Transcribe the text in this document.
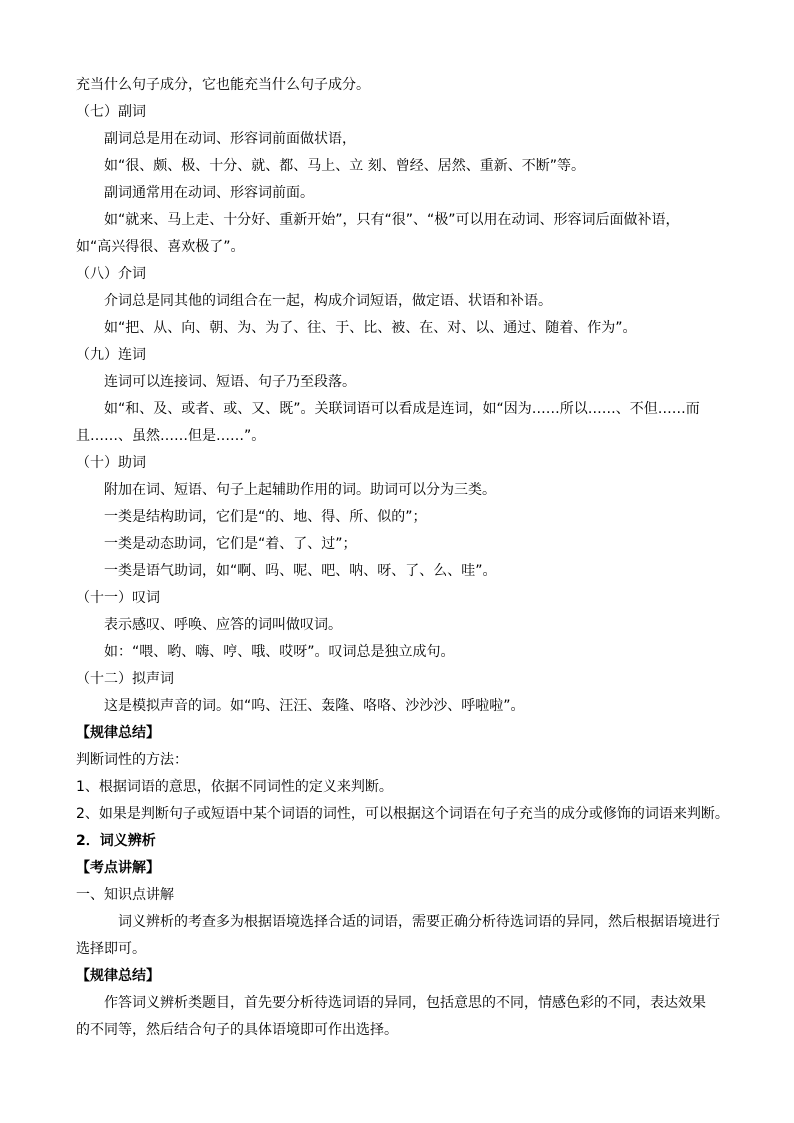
充当什么句子成分，它也能充当什么句子成分。
（七）副词
副词总是用在动词、形容词前面做状语，
如“很、颇、极、十分、就、都、马上、立 刻、曾经、居然、重新、不断”等。
副词通常用在动词、形容词前面。
如“就来、马上走、十分好、重新开始”，只有“很”、“极”可以用在动词、形容词后面做补语，
如“高兴得很、喜欢极了”。
（八）介词
介词总是同其他的词组合在一起，构成介词短语，做定语、状语和补语。
如“把、从、向、朝、为、为了、往、于、比、被、在、对、以、通过、随着、作为”。
（九）连词
连词可以连接词、短语、句子乃至段落。
如“和、及、或者、或、又、既”。关联词语可以看成是连词，如“因为……所以……、不但……而
且……、虽然……但是……”。
（十）助词
附加在词、短语、句子上起辅助作用的词。助词可以分为三类。
一类是结构助词，它们是“的、地、得、所、似的”；
一类是动态助词，它们是“着、了、过”；
一类是语气助词，如“啊、吗、呢、吧、呐、呀、了、么、哇”。
（十一）叹词
表示感叹、呼唤、应答的词叫做叹词。
如：“喂、哟、嗨、哼、哦、哎呀”。叹词总是独立成句。
（十二）拟声词
这是模拟声音的词。如“呜、汪汪、轰隆、咯咯、沙沙沙、呼啦啦”。
【规律总结】
判断词性的方法：
1、根据词语的意思，依据不同词性的定义来判断。
2、如果是判断句子或短语中某个词语的词性，可以根据这个词语在句子充当的成分或修饰的词语来判断。
2．词义辨析
【考点讲解】
一、知识点讲解
词义辨析的考查多为根据语境选择合适的词语，需要正确分析待选词语的异同，然后根据语境进行
选择即可。
【规律总结】
作答词义辨析类题目，首先要分析待选词语的异同，包括意思的不同，情感色彩的不同，表达效果
的不同等，然后结合句子的具体语境即可作出选择。
